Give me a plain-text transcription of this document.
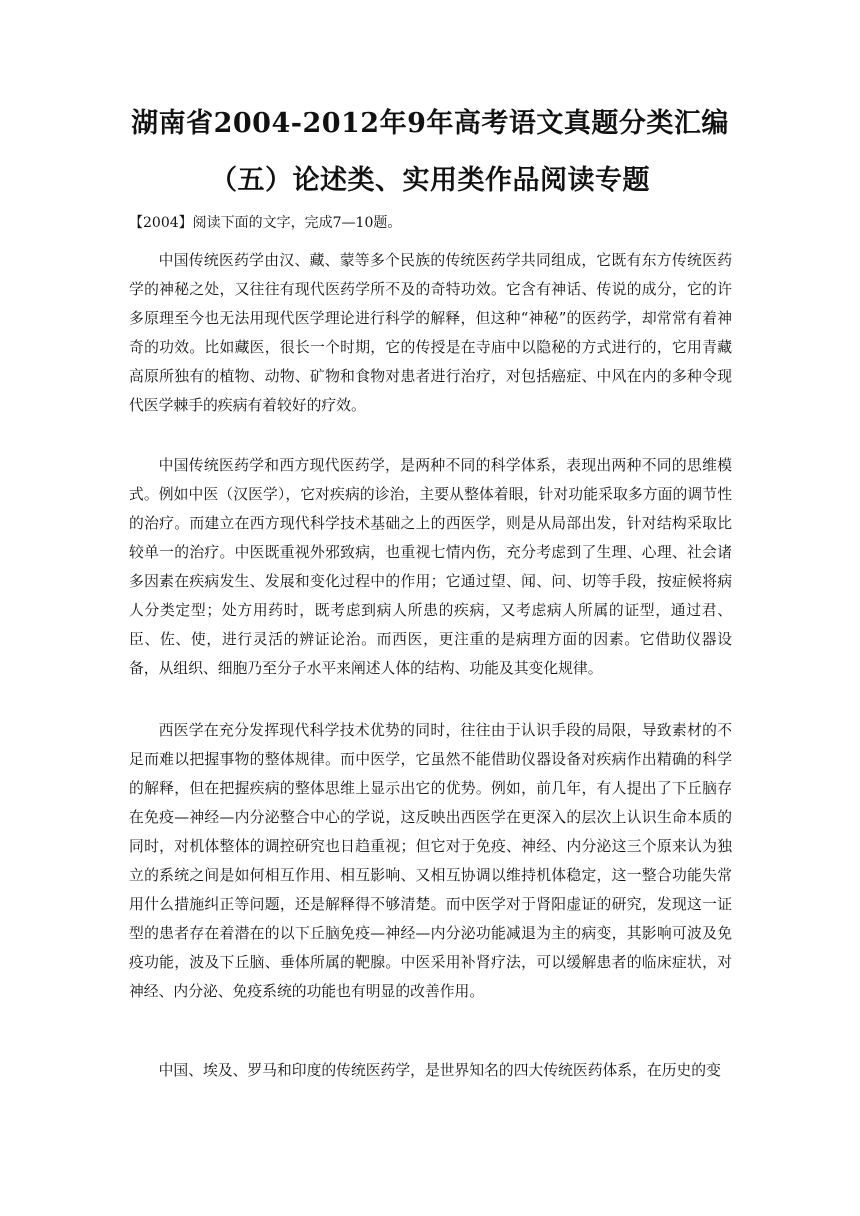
湖南省2004-2012年9年高考语文真题分类汇编
（五）论述类、实用类作品阅读专题
【2004】阅读下面的文字，完成7—10题。

中国传统医药学由汉、藏、蒙等多个民族的传统医药学共同组成，它既有东方传统医药学的神秘之处，又往往有现代医药学所不及的奇特功效。它含有神话、传说的成分，它的许多原理至今也无法用现代医学理论进行科学的解释，但这种“神秘”的医药学，却常常有着神奇的功效。比如藏医，很长一个时期，它的传授是在寺庙中以隐秘的方式进行的，它用青藏高原所独有的植物、动物、矿物和食物对患者进行治疗，对包括癌症、中风在内的多种令现代医学棘手的疾病有着较好的疗效。

中国传统医药学和西方现代医药学，是两种不同的科学体系，表现出两种不同的思维模式。例如中医（汉医学），它对疾病的诊治，主要从整体着眼，针对功能采取多方面的调节性的治疗。而建立在西方现代科学技术基础之上的西医学，则是从局部出发，针对结构采取比较单一的治疗。中医既重视外邪致病，也重视七情内伤，充分考虑到了生理、心理、社会诸多因素在疾病发生、发展和变化过程中的作用；它通过望、闻、问、切等手段，按症候将病人分类定型；处方用药时，既考虑到病人所患的疾病，又考虑病人所属的证型，通过君、臣、佐、使，进行灵活的辨证论治。而西医，更注重的是病理方面的因素。它借助仪器设备，从组织、细胞乃至分子水平来阐述人体的结构、功能及其变化规律。

西医学在充分发挥现代科学技术优势的同时，往往由于认识手段的局限，导致素材的不足而难以把握事物的整体规律。而中医学，它虽然不能借助仪器设备对疾病作出精确的科学的解释，但在把握疾病的整体思维上显示出它的优势。例如，前几年，有人提出了下丘脑存在免疫—神经—内分泌整合中心的学说，这反映出西医学在更深入的层次上认识生命本质的同时，对机体整体的调控研究也日趋重视；但它对于免疫、神经、内分泌这三个原来认为独立的系统之间是如何相互作用、相互影响、又相互协调以维持机体稳定，这一整合功能失常用什么措施纠正等问题，还是解释得不够清楚。而中医学对于肾阳虚证的研究，发现这一证型的患者存在着潜在的以下丘脑免疫—神经—内分泌功能减退为主的病变，其影响可波及免疫功能，波及下丘脑、垂体所属的靶腺。中医采用补肾疗法，可以缓解患者的临床症状，对神经、内分泌、免疫系统的功能也有明显的改善作用。

中国、埃及、罗马和印度的传统医药学，是世界知名的四大传统医药体系，在历史的变
